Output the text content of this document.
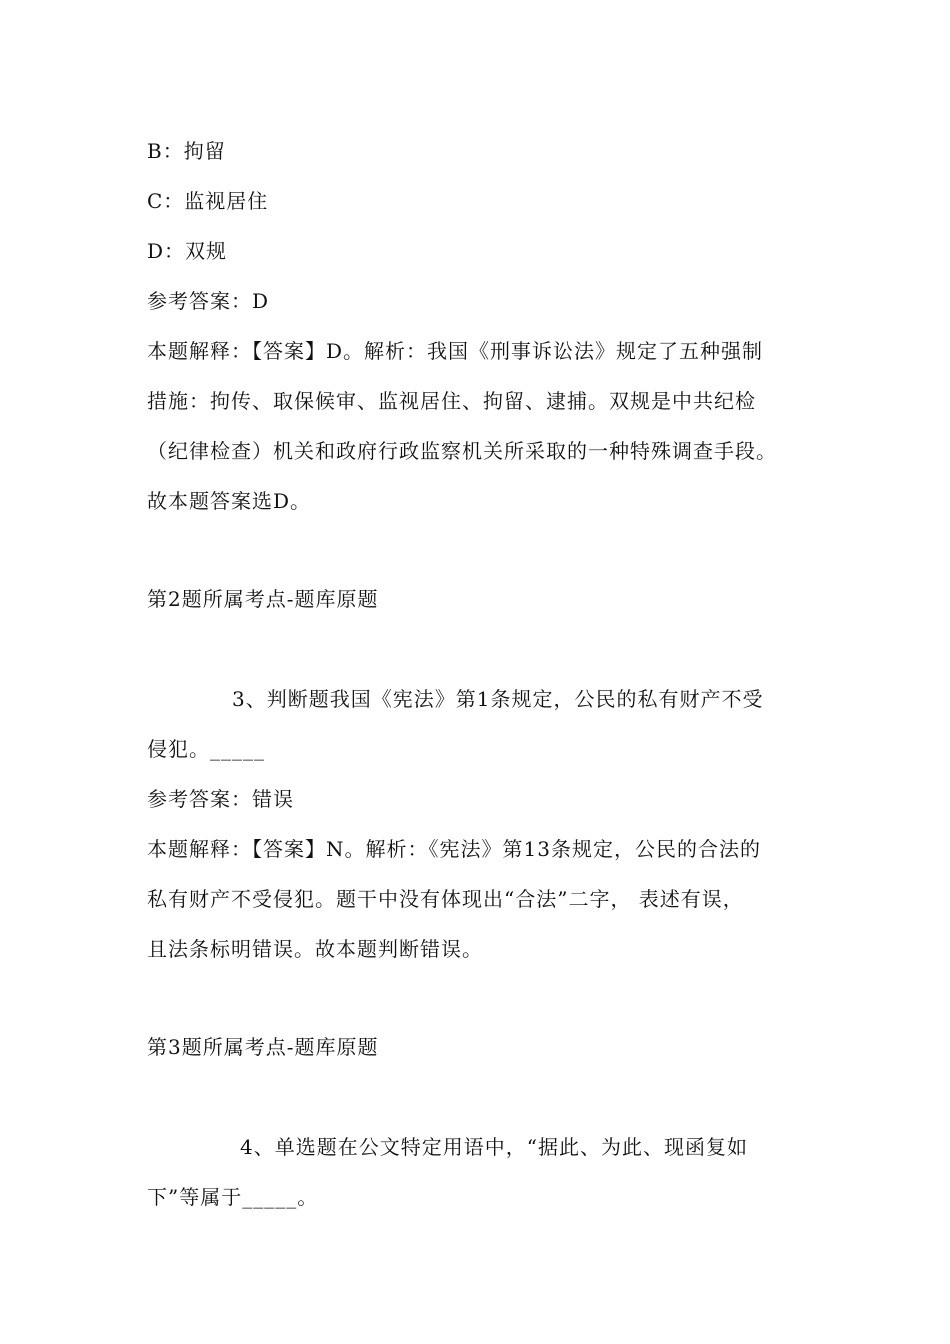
B：拘留
C：监视居住
D：双规
参考答案：D
本题解释：【答案】D。解析：我国《刑事诉讼法》规定了五种强制
措施：拘传、取保候审、监视居住、拘留、逮捕。双规是中共纪检
（纪律检查）机关和政府行政监察机关所采取的一种特殊调查手段。
故本题答案选D。
第2题所属考点-题库原题
3、判断题我国《宪法》第1条规定，公民的私有财产不受
侵犯。_____
参考答案：错误
本题解释：【答案】N。解析：《宪法》第13条规定，公民的合法的
私有财产不受侵犯。题干中没有体现出“合法”二字， 表述有误，
且法条标明错误。故本题判断错误。
第3题所属考点-题库原题
4、单选题在公文特定用语中，“据此、为此、现函复如
下”等属于_____。
